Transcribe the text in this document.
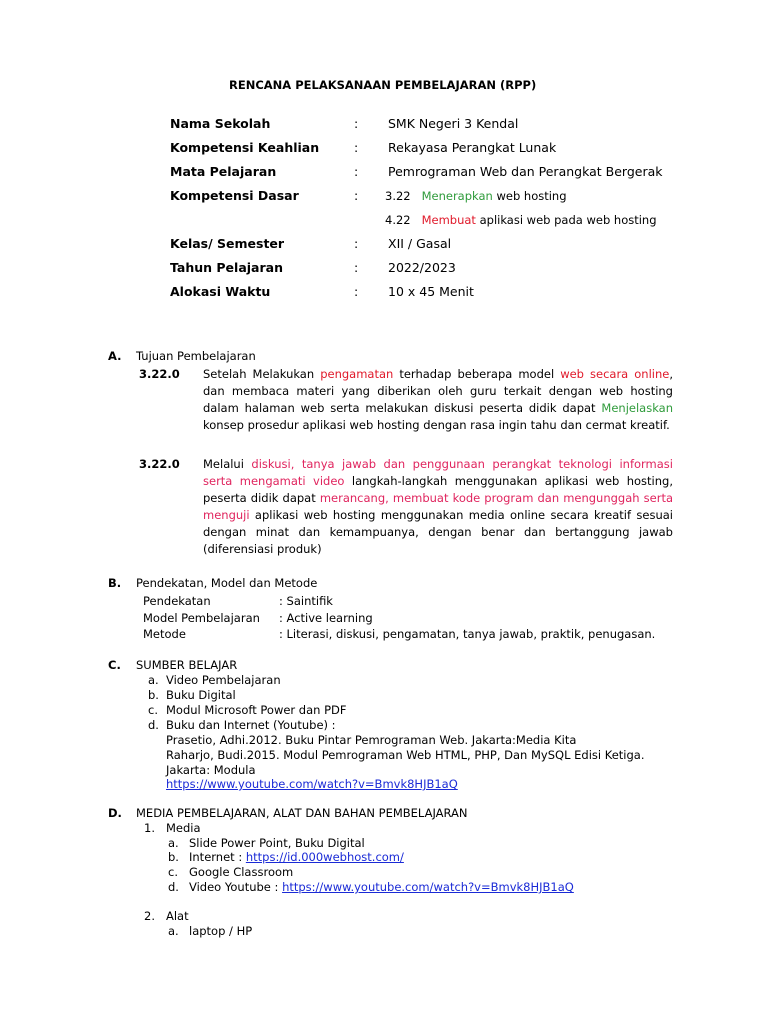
RENCANA PELAKSANAAN PEMBELAJARAN (RPP)
Nama Sekolah	: SMK Negeri 3 Kendal
Kompetensi Keahlian	: Rekayasa Perangkat Lunak
Mata Pelajaran	: Pemrograman Web dan Perangkat Bergerak
Kompetensi Dasar	: 3.22 Menerapkan web hosting
4.22 Membuat aplikasi web pada web hosting
Kelas/ Semester	: XII / Gasal
Tahun Pelajaran	: 2022/2023
Alokasi Waktu	: 10 x 45 Menit
A. Tujuan Pembelajaran
3.22.0 Setelah Melakukan pengamatan terhadap beberapa model web secara online, dan membaca materi yang diberikan oleh guru terkait dengan web hosting dalam halaman web serta melakukan diskusi peserta didik dapat Menjelaskan konsep prosedur aplikasi web hosting dengan rasa ingin tahu dan cermat kreatif.
3.22.0 Melalui diskusi, tanya jawab dan penggunaan perangkat teknologi informasi serta mengamati video langkah-langkah menggunakan aplikasi web hosting, peserta didik dapat merancang, membuat kode program dan mengunggah serta menguji aplikasi web hosting menggunakan media online secara kreatif sesuai dengan minat dan kemampuanya, dengan benar dan bertanggung jawab (diferensiasi produk)
B. Pendekatan, Model dan Metode
Pendekatan	: Saintifik
Model Pembelajaran : Active learning
Metode	: Literasi, diskusi, pengamatan, tanya jawab, praktik, penugasan.
C. SUMBER BELAJAR
a. Video Pembelajaran
b. Buku Digital
c. Modul Microsoft Power dan PDF
d. Buku dan Internet (Youtube) :
Prasetio, Adhi.2012. Buku Pintar Pemrograman Web. Jakarta:Media Kita
Raharjo, Budi.2015. Modul Pemrograman Web HTML, PHP, Dan MySQL Edisi Ketiga.
Jakarta: Modula
https://www.youtube.com/watch?v=Bmvk8HJB1aQ
D. MEDIA PEMBELAJARAN, ALAT DAN BAHAN PEMBELAJARAN
1. Media
a. Slide Power Point, Buku Digital
b. Internet : https://id.000webhost.com/
c. Google Classroom
d. Video Youtube : https://www.youtube.com/watch?v=Bmvk8HJB1aQ
2. Alat
a. laptop / HP
